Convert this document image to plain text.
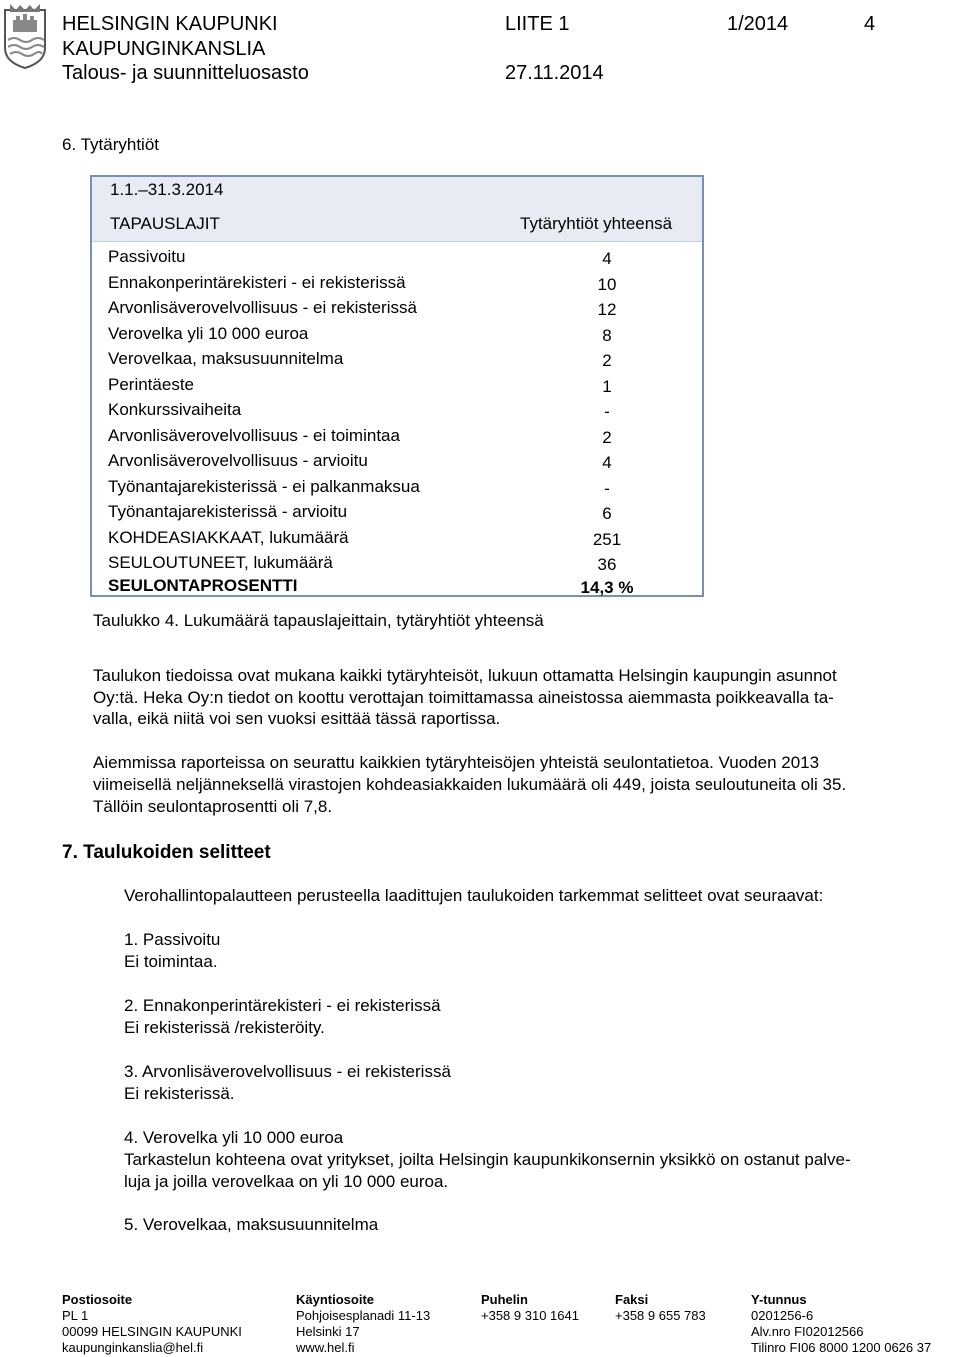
HELSINGIN KAUPUNKI
KAUPUNGINKANSLIA
Talous- ja suunnitteluosasto
LIITE 1	1/2014	4
27.11.2014
6. Tytäryhtiöt
1.1.–31.3.2014
TAPAUSLAJIT	Tytäryhtiöt yhteensä
Passivoitu	4
Ennakonperintärekisteri - ei rekisterissä	10
Arvonlisäverovelvollisuus - ei rekisterissä	12
Verovelka yli 10 000 euroa	8
Verovelkaa, maksusuunnitelma	2
Perintäeste	1
Konkurssivaiheita	-
Arvonlisäverovelvollisuus - ei toimintaa	2
Arvonlisäverovelvollisuus - arvioitu	4
Työnantajarekisterissä - ei palkanmaksua	-
Työnantajarekisterissä - arvioitu	6
KOHDEASIAKKAAT, lukumäärä	251
SEULOUTUNEET, lukumäärä	36
SEULONTAPROSENTTI	14,3 %
Taulukko 4. Lukumäärä tapauslajeittain, tytäryhtiöt yhteensä
Taulukon tiedoissa ovat mukana kaikki tytäryhteisöt, lukuun ottamatta Helsingin kaupungin asunnot
Oy:tä. Heka Oy:n tiedot on koottu verottajan toimittamassa aineistossa aiemmasta poikkeavalla ta-
valla, eikä niitä voi sen vuoksi esittää tässä raportissa.
Aiemmissa raporteissa on seurattu kaikkien tytäryhteisöjen yhteistä seulontatietoa. Vuoden 2013
viimeisellä neljänneksellä virastojen kohdeasiakkaiden lukumäärä oli 449, joista seuloutuneita oli 35.
Tällöin seulontaprosentti oli 7,8.
7. Taulukoiden selitteet
Verohallintopalautteen perusteella laadittujen taulukoiden tarkemmat selitteet ovat seuraavat:
1. Passivoitu
Ei toimintaa.
2. Ennakonperintärekisteri - ei rekisterissä
Ei rekisterissä /rekisteröity.
3. Arvonlisäverovelvollisuus - ei rekisterissä
Ei rekisterissä.
4. Verovelka yli 10 000 euroa
Tarkastelun kohteena ovat yritykset, joilta Helsingin kaupunkikonsernin yksikkö on ostanut palve-
luja ja joilla verovelkaa on yli 10 000 euroa.
5. Verovelkaa, maksusuunnitelma
Postiosoite
PL 1
00099 HELSINGIN KAUPUNKI
kaupunginkanslia@hel.fi
Käyntiosoite
Pohjoisesplanadi 11-13
Helsinki 17
www.hel.fi
Puhelin
+358 9 310 1641
Faksi
+358 9 655 783
Y-tunnus
0201256-6
Alv.nro FI02012566
Tilinro FI06 8000 1200 0626 37
